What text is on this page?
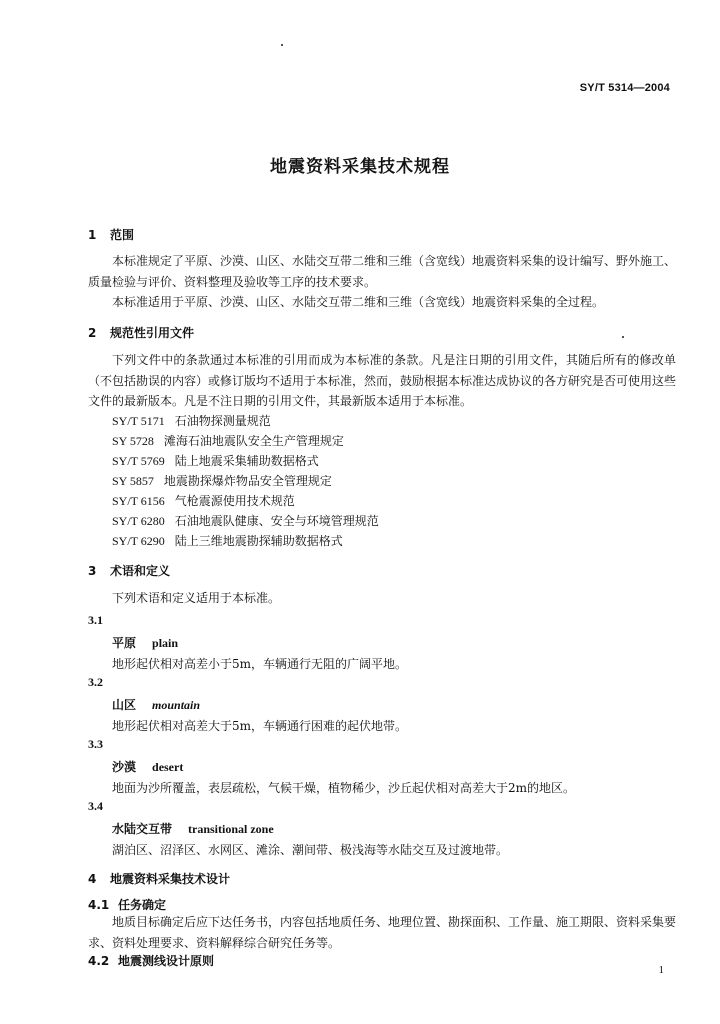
SY/T 5314—2004
地震资料采集技术规程
1 范围
本标准规定了平原、沙漠、山区、水陆交互带二维和三维（含宽线）地震资料采集的设计编写、野外施工、质量检验与评价、资料整理及验收等工序的技术要求。
本标准适用于平原、沙漠、山区、水陆交互带二维和三维（含宽线）地震资料采集的全过程。
2 规范性引用文件
下列文件中的条款通过本标准的引用而成为本标准的条款。凡是注日期的引用文件，其随后所有的修改单（不包括勘误的内容）或修订版均不适用于本标准，然而，鼓励根据本标准达成协议的各方研究是否可使用这些文件的最新版本。凡是不注日期的引用文件，其最新版本适用于本标准。
SY/T 5171 石油物探测量规范
SY 5728 滩海石油地震队安全生产管理规定
SY/T 5769 陆上地震采集辅助数据格式
SY 5857 地震勘探爆炸物品安全管理规定
SY/T 6156 气枪震源使用技术规范
SY/T 6280 石油地震队健康、安全与环境管理规范
SY/T 6290 陆上三维地震勘探辅助数据格式
3 术语和定义
下列术语和定义适用于本标准。
3.1
平原 plain
地形起伏相对高差小于5m，车辆通行无阻的广阔平地。
3.2
山区 mountain
地形起伏相对高差大于5m，车辆通行困难的起伏地带。
3.3
沙漠 desert
地面为沙所覆盖，表层疏松，气候干燥，植物稀少，沙丘起伏相对高差大于2m的地区。
3.4
水陆交互带 transitional zone
湖泊区、沼泽区、水网区、滩涂、潮间带、极浅海等水陆交互及过渡地带。
4 地震资料采集技术设计
4.1 任务确定
地质目标确定后应下达任务书，内容包括地质任务、地理位置、勘探面积、工作量、施工期限、资料采集要求、资料处理要求、资料解释综合研究任务等。
4.2 地震测线设计原则
1
